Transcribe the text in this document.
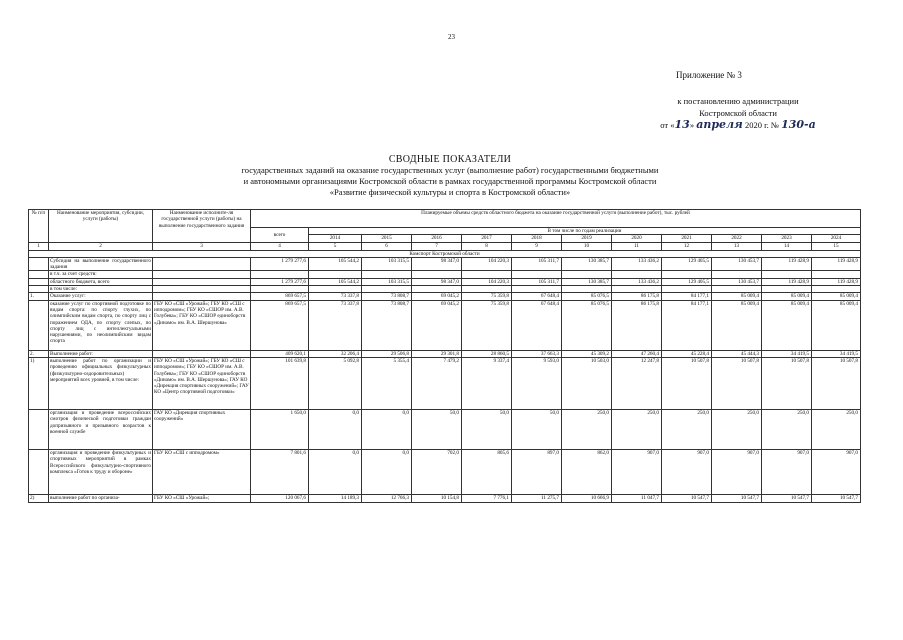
23
Приложение № 3
к постановлению администрации
Костромской области
от «13» апреля 2020 г. № 130-а
СВОДНЫЕ ПОКАЗАТЕЛИ
государственных заданий на оказание государственных услуг (выполнение работ) государственными бюджетными
и автономными организациями Костромской области в рамках государственной программы Костромской области
«Развитие физической культуры и спорта в Костромской области»
№ п/п	Наименование мероприятия, субсидии, услуги (работы)	Наименование исполните-ля государственной услуги (работы) на выполнение государственного задания	Планируемые объемы средств областного бюджета на оказание государственной услуги (выполнение работ), тыс. рублей											
			всего	В том числе по годам реализации										
				2014	2015	2016	2017	2018	2019	2020	2021	2022	2023	2024
1	2	3	4	5	6	7	8	9	10	11	12	13	14	15
Комспорт Костромской области														
	Субсидия на выполнение государственного задания		1 279 277,6	105 544,2	103 315,5	98 347,0	104 220,3	105 311,7	130 385,7	133 436,2	129 405,5	130 453,7	119 428,9	119 428,9
	в т.ч. за счет средств:													
	областного бюджета, всего		1 279 277,6	105 544,2	103 315,5	98 347,0	104 220,3	105 311,7	130 385,7	133 436,2	129 405,5	130 453,7	119 428,9	119 428,9
	в том числе:													
1.	Оказание услуг:		869 657,5	73 337,8	73 808,7	69 045,2	75 359,8	67 648,4	85 076,5	86 175,8	84 177,1	85 009,4	85 009,4	85 009,4
	оказание услуг по спортивной подготовке по видам спорта: по спорту глухих, по олимпийским видам спорта, по спорту лиц с поражением ОДА, по спорту слепых, по спорту лиц с интеллектуальными нарушениями, по неолимпийским видам спорта	ГБУ КО «СШ «Урожай»; ГБУ КО «СШ с ипподромом»; ГБУ КО «СШОР им. А.В. Голубева»; ГБУ КО «СШОР единоборств «Динамо» им. В.А. Шершунова»	869 657,5	73 337,8	73 808,7	69 045,2	75 359,8	67 648,4	85 076,5	86 175,8	84 177,1	85 009,4	85 009,4	85 009,4
2.	Выполнение работ:		409 620,1	32 206,4	29 506,8	29 301,8	28 860,5	37 663,3	45 309,2	47 260,4	45 228,4	45 444,3	34 419,5	34 419,5
1)	выполнение работ по организации и проведению официальных физкультурных (физкультурно-оздоровительных) мероприятий всех уровней, в том числе:	ГБУ КО «СШ «Урожай»; ГБУ КО «СШ с ипподромом»; ГБУ КО «СШОР им. А.В. Голубева»; ГБУ КО «СШОР единоборств «Динамо» им. В.А. Шершунова»; ГАУ КО «Дирекция спортивных сооружений»; ГАУ КО «Центр спортивной подготовки»	101 639,8	5 092,8	5 355,4	7 479,2	9 337,4	9 593,0	10 503,0	12 247,8	10 507,8	10 507,8	10 507,8	10 507,8
	организация и проведение всероссийских смотров физической подготовки граждан допризывного и призывного возрастов к военной службе	ГАУ КО «Дирекция спортивных сооружений»	1 650,0	0,0	0,0	50,0	50,0	50,0	250,0	250,0	250,0	250,0	250,0	250,0
	организация и проведение физкультурных и спортивных мероприятий в рамках Всероссийского физкультурно-спортивного комплекса «Готов к труду и обороне»	ГБУ КО «СШ с ипподромом»	7 801,6	0,0	0,0	702,0	805,6	897,0	862,0	907,0	907,0	907,0	907,0	907,0
2)	выполнение работ по организа-	ГБУ КО «СШ «Урожай»;	120 067,6	14 189,3	12 766,3	10 154,8	7 776,1	11 275,7	10 666,9	11 047,7	10 547,7	10 547,7	10 547,7	10 547,7
